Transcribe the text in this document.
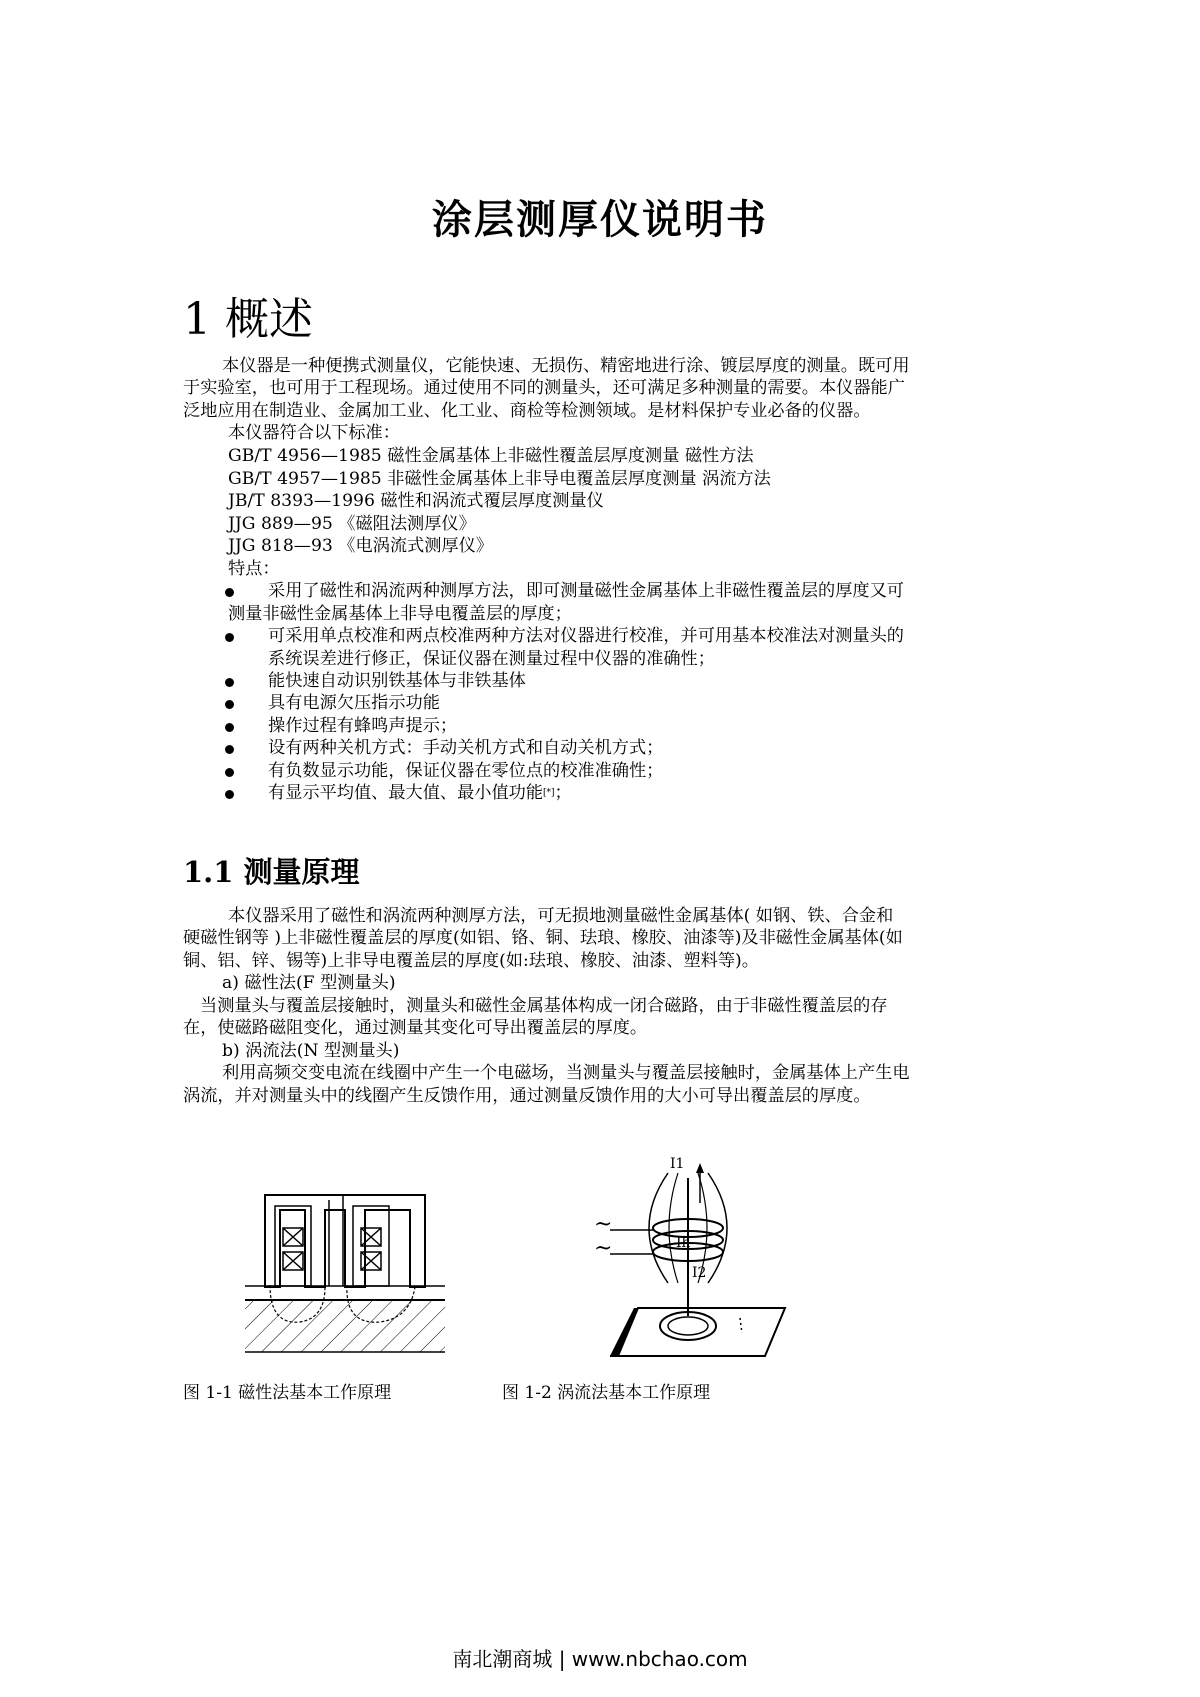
涂层测厚仪说明书
1 概述
本仪器是一种便携式测量仪，它能快速、无损伤、精密地进行涂、镀层厚度的测量。既可用
于实验室，也可用于工程现场。通过使用不同的测量头，还可满足多种测量的需要。本仪器能广
泛地应用在制造业、金属加工业、化工业、商检等检测领域。是材料保护专业必备的仪器。
本仪器符合以下标准：
GB/T 4956—1985 磁性金属基体上非磁性覆盖层厚度测量 磁性方法
GB/T 4957—1985 非磁性金属基体上非导电覆盖层厚度测量 涡流方法
JB/T 8393—1996 磁性和涡流式覆层厚度测量仪
JJG 889—95 《磁阻法测厚仪》
JJG 818—93 《电涡流式测厚仪》
特点：
采用了磁性和涡流两种测厚方法，即可测量磁性金属基体上非磁性覆盖层的厚度又可
测量非磁性金属基体上非导电覆盖层的厚度；
可采用单点校准和两点校准两种方法对仪器进行校准，并可用基本校准法对测量头的
系统误差进行修正，保证仪器在测量过程中仪器的准确性；
能快速自动识别铁基体与非铁基体
具有电源欠压指示功能
操作过程有蜂鸣声提示；
设有两种关机方式：手动关机方式和自动关机方式；
有负数显示功能，保证仪器在零位点的校准准确性；
有显示平均值、最大值、最小值功能[*]；
1.1 测量原理
本仪器采用了磁性和涡流两种测厚方法，可无损地测量磁性金属基体( 如钢、铁、合金和
硬磁性钢等 )上非磁性覆盖层的厚度(如铝、铬、铜、珐琅、橡胶、油漆等)及非磁性金属基体(如
铜、铝、锌、锡等)上非导电覆盖层的厚度(如:珐琅、橡胶、油漆、塑料等)。
a) 磁性法(F 型测量头)
当测量头与覆盖层接触时，测量头和磁性金属基体构成一闭合磁路，由于非磁性覆盖层的存
在，使磁路磁阻变化，通过测量其变化可导出覆盖层的厚度。
b) 涡流法(N 型测量头)
利用高频交变电流在线圈中产生一个电磁场，当测量头与覆盖层接触时，金属基体上产生电
涡流，并对测量头中的线圈产生反馈作用，通过测量反馈作用的大小可导出覆盖层的厚度。
图 1-1 磁性法基本工作原理
I1
Ih
I2
~
~
图 1-2 涡流法基本工作原理
南北潮商城 | www.nbchao.com
